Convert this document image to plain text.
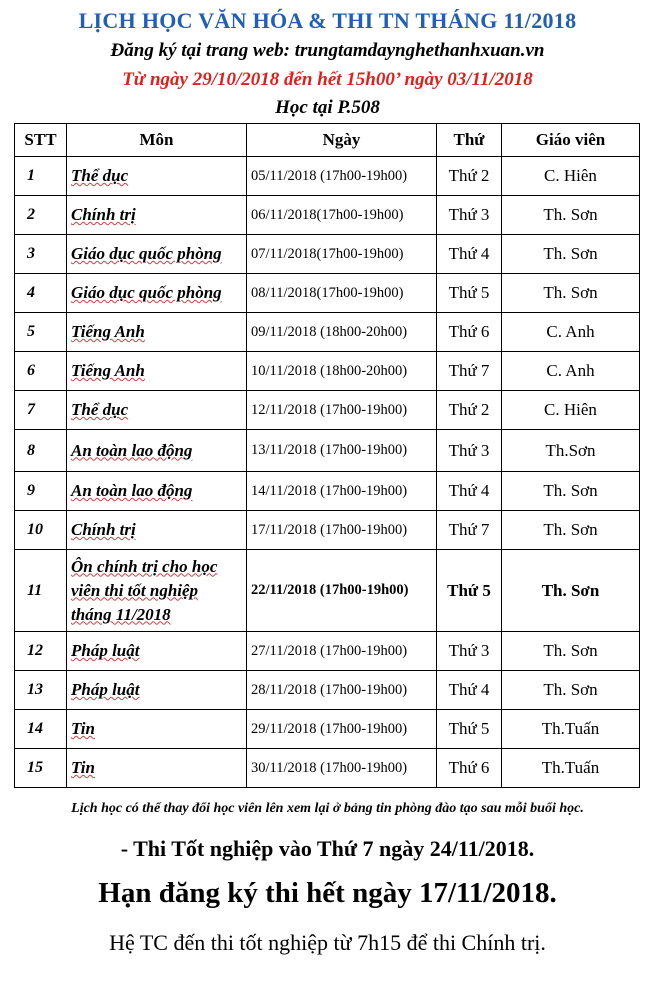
LỊCH HỌC VĂN HÓA & THI TN THÁNG 11/2018
Đăng ký tại trang web: trungtamdaynghethanhxuan.vn
Từ ngày 29/10/2018 đến hết 15h00’ ngày 03/11/2018
Học tại P.508
STT	Môn	Ngày	Thứ	Giáo viên
1	Thể dục	05/11/2018 (17h00-19h00)	Thứ 2	C. Hiên
2	Chính trị	06/11/2018(17h00-19h00)	Thứ 3	Th. Sơn
3	Giáo dục quốc phòng	07/11/2018(17h00-19h00)	Thứ 4	Th. Sơn
4	Giáo dục quốc phòng	08/11/2018(17h00-19h00)	Thứ 5	Th. Sơn
5	Tiếng Anh	09/11/2018 (18h00-20h00)	Thứ 6	C. Anh
6	Tiếng Anh	10/11/2018 (18h00-20h00)	Thứ 7	C. Anh
7	Thể dục	12/11/2018 (17h00-19h00)	Thứ 2	C. Hiên
8	An toàn lao động	13/11/2018 (17h00-19h00)	Thứ 3	Th.Sơn
9	An toàn lao động	14/11/2018 (17h00-19h00)	Thứ 4	Th. Sơn
10	Chính trị	17/11/2018 (17h00-19h00)	Thứ 7	Th. Sơn
11	Ôn chính trị cho học viên thi tốt nghiệp tháng 11/2018	22/11/2018 (17h00-19h00)	Thứ 5	Th. Sơn
12	Pháp luật	27/11/2018 (17h00-19h00)	Thứ 3	Th. Sơn
13	Pháp luật	28/11/2018 (17h00-19h00)	Thứ 4	Th. Sơn
14	Tin	29/11/2018 (17h00-19h00)	Thứ 5	Th.Tuấn
15	Tin	30/11/2018 (17h00-19h00)	Thứ 6	Th.Tuấn
Lịch học có thể thay đổi học viên lên xem lại ở bảng tin phòng đào tạo sau mỗi buổi học.
- Thi Tốt nghiệp vào Thứ 7 ngày 24/11/2018.
Hạn đăng ký thi hết ngày 17/11/2018.
Hệ TC đến thi tốt nghiệp từ 7h15 để thi Chính trị.
